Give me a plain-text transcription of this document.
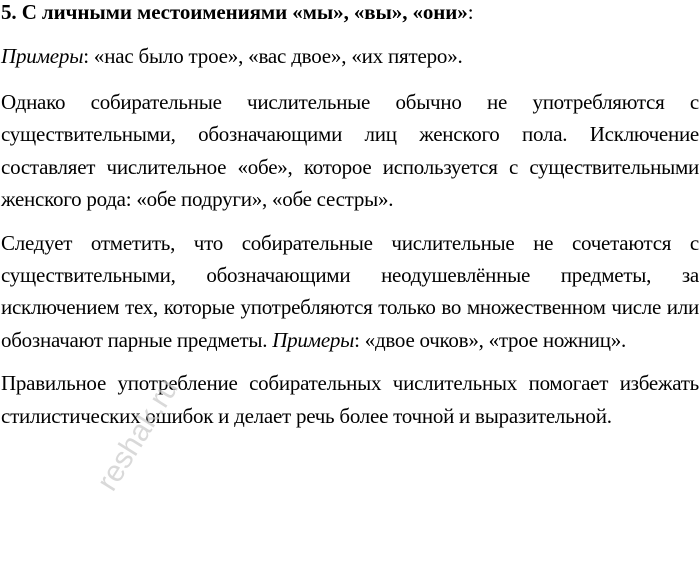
5. С личными местоимениями «мы», «вы», «они»:

Примеры: «нас было трое», «вас двое», «их пятеро».

Однако собирательные числительные обычно не употребляются с существительными, обозначающими лиц женского пола. Исключение составляет числительное «обе», которое используется с существительными женского рода: «обе подруги», «обе сестры».

Следует отметить, что собирательные числительные не сочетаются с существительными, обозначающими неодушевлённые предметы, за исключением тех, которые употребляются только во множественном числе или обозначают парные предметы. Примеры: «двое очков», «трое ножниц».

Правильное употребление собирательных числительных помогает избежать стилистических ошибок и делает речь более точной и выразительной.

reshak.ru
